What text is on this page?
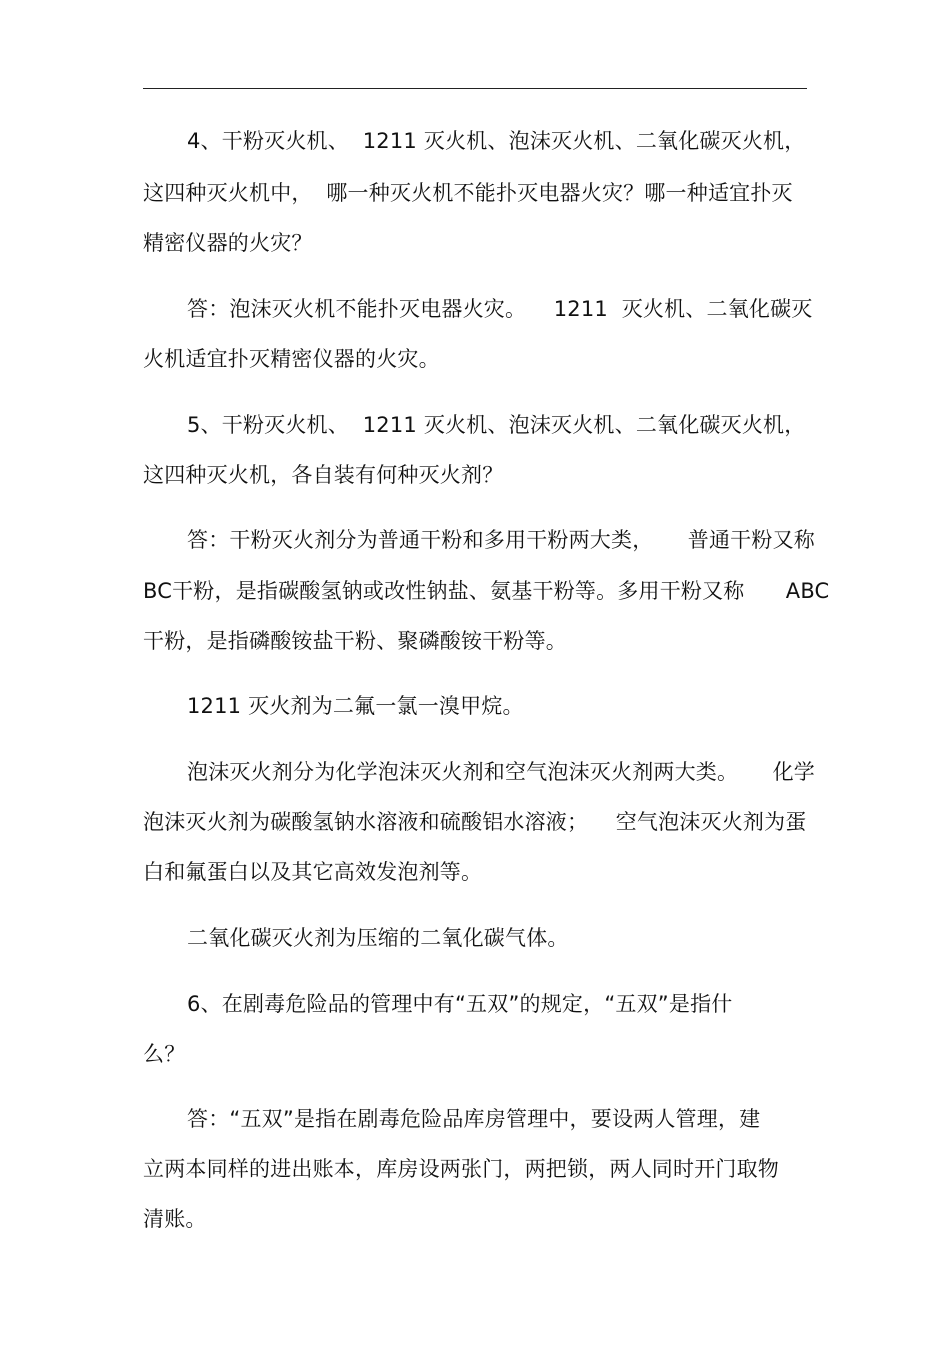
4、干粉灭火机、  1211 灭火机、泡沫灭火机、二氧化碳灭火机，
这四种灭火机中，  哪一种灭火机不能扑灭电器火灾？哪一种适宜扑灭
精密仪器的火灾？
答：泡沫灭火机不能扑灭电器火灾。    1211  灭火机、二氧化碳灭
火机适宜扑灭精密仪器的火灾。
5、干粉灭火机、  1211 灭火机、泡沫灭火机、二氧化碳灭火机，
这四种灭火机，各自装有何种灭火剂？
答：干粉灭火剂分为普通干粉和多用干粉两大类，     普通干粉又称
BC干粉，是指碳酸氢钠或改性钠盐、氨基干粉等。多用干粉又称      ABC
干粉，是指磷酸铵盐干粉、聚磷酸铵干粉等。
1211 灭火剂为二氟一氯一溴甲烷。
泡沫灭火剂分为化学泡沫灭火剂和空气泡沫灭火剂两大类。     化学
泡沫灭火剂为碳酸氢钠水溶液和硫酸铝水溶液；    空气泡沫灭火剂为蛋
白和氟蛋白以及其它高效发泡剂等。
二氧化碳灭火剂为压缩的二氧化碳气体。
6、在剧毒危险品的管理中有“五双”的规定，“五双”是指什
么？
答：“五双”是指在剧毒危险品库房管理中，要设两人管理，建
立两本同样的进出账本，库房设两张门，两把锁，两人同时开门取物
清账。
